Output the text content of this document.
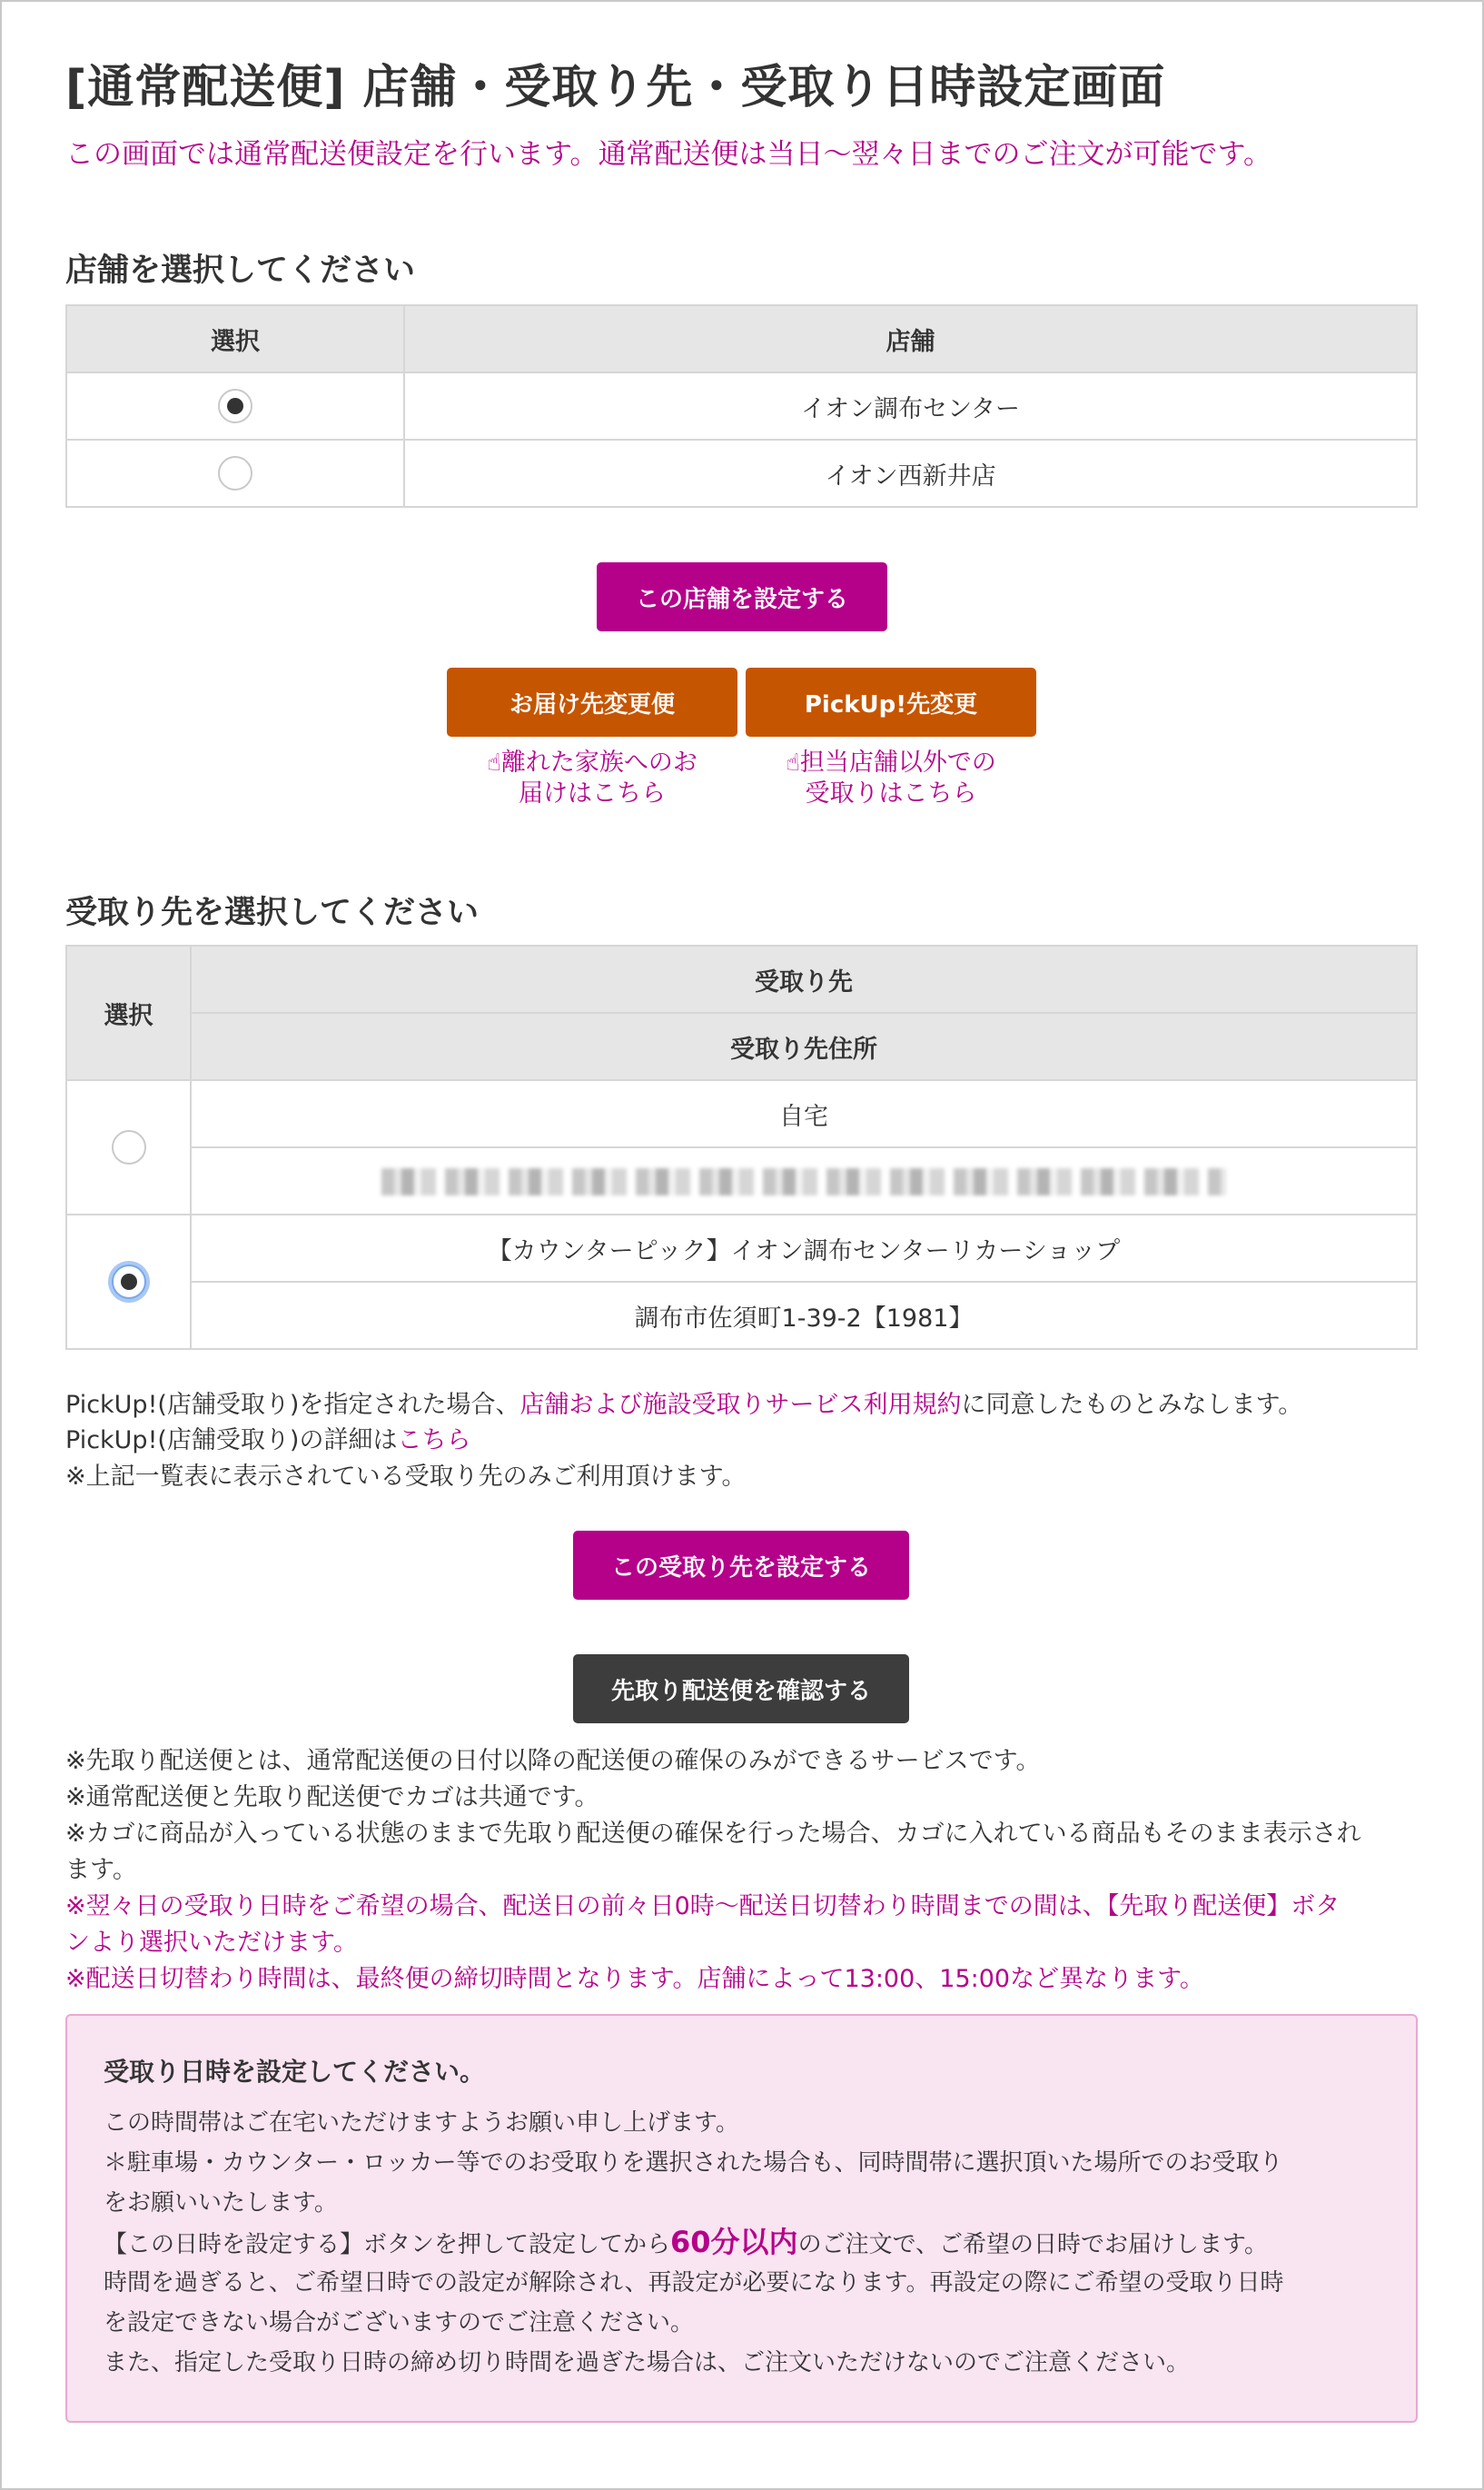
[通常配送便] 店舗・受取り先・受取り日時設定画面
この画面では通常配送便設定を行います。通常配送便は当日〜翌々日までのご注文が可能です。
店舗を選択してください
選択	店舗
	イオン調布センター
	イオン西新井店
この店舗を設定する
お届け先変更便	PickUp!先変更
☝離れた家族へのお
届けはこちら
☝担当店舗以外での
受取りはこちら
受取り先を選択してください
選択	受取り先
	受取り先住所
	自宅

	【カウンターピック】イオン調布センターリカーショップ
	調布市佐須町1-39-2【1981】
PickUp!(店舗受取り)を指定された場合、店舗および施設受取りサービス利用規約に同意したものとみなします。
PickUp!(店舗受取り)の詳細はこちら
※上記一覧表に表示されている受取り先のみご利用頂けます。
この受取り先を設定する
先取り配送便を確認する
※先取り配送便とは、通常配送便の日付以降の配送便の確保のみができるサービスです。
※通常配送便と先取り配送便でカゴは共通です。
※カゴに商品が入っている状態のままで先取り配送便の確保を行った場合、カゴに入れている商品もそのまま表示され
ます。
※翌々日の受取り日時をご希望の場合、配送日の前々日0時〜配送日切替わり時間までの間は、【先取り配送便】ボタ
ンより選択いただけます。
※配送日切替わり時間は、最終便の締切時間となります。店舗によって13:00、15:00など異なります。
受取り日時を設定してください。
この時間帯はご在宅いただけますようお願い申し上げます。
＊駐車場・カウンター・ロッカー等でのお受取りを選択された場合も、同時間帯に選択頂いた場所でのお受取り
をお願いいたします。
【この日時を設定する】ボタンを押して設定してから60分以内のご注文で、ご希望の日時でお届けします。
時間を過ぎると、ご希望日時での設定が解除され、再設定が必要になります。再設定の際にご希望の受取り日時
を設定できない場合がございますのでご注意ください。
また、指定した受取り日時の締め切り時間を過ぎた場合は、ご注文いただけないのでご注意ください。
